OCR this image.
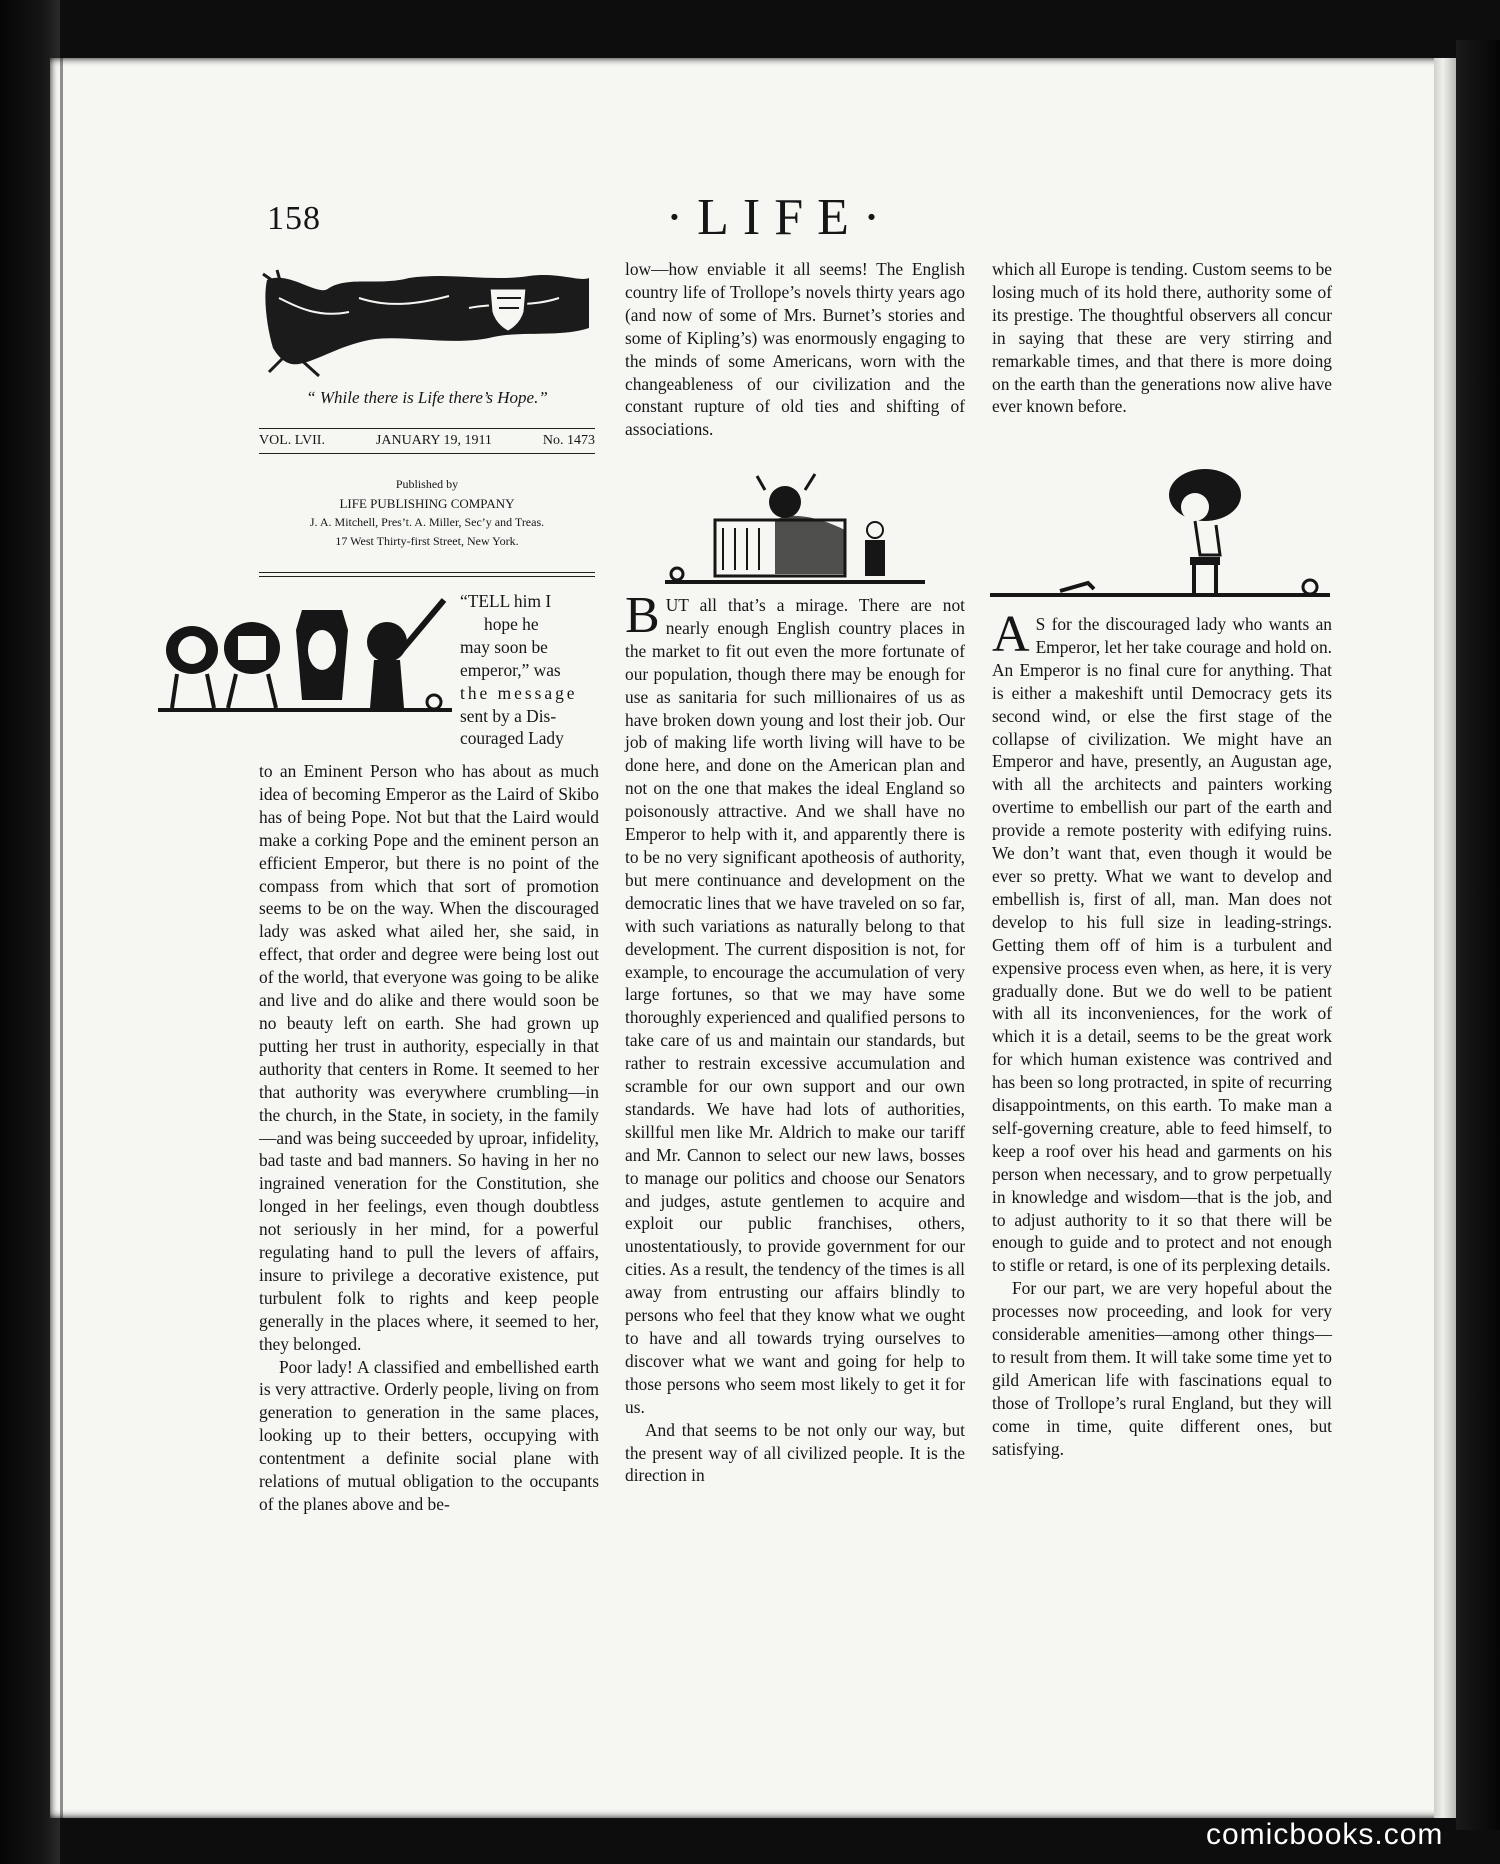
158	·LIFE·
“ While there is Life there’s Hope.”
VOL. LVII.	JANUARY 19, 1911	No. 1473
Published by
LIFE PUBLISHING COMPANY
J. A. Mitchell, Pres’t. A. Miller, Sec’y and Treas.
17 West Thirty-first Street, New York.
“TELL him I
hope he
may soon be
emperor,” was
the message
sent by a Dis-
couraged Lady

to an Eminent Person who has about as much idea of becoming Emperor as the Laird of Skibo has of being Pope. Not but that the Laird would make a corking Pope and the eminent person an efficient Emperor, but there is no point of the compass from which that sort of promotion seems to be on the way. When the discouraged lady was asked what ailed her, she said, in effect, that order and degree were being lost out of the world, that everyone was going to be alike and live and do alike and there would soon be no beauty left on earth. She had grown up putting her trust in authority, especially in that authority that centers in Rome. It seemed to her that authority was everywhere crumbling—in the church, in the State, in society, in the family—and was being succeeded by uproar, infidelity, bad taste and bad manners. So having in her no ingrained veneration for the Constitution, she longed in her feelings, even though doubtless not seriously in her mind, for a powerful regulating hand to pull the levers of affairs, insure to privilege a decorative existence, put turbulent folk to rights and keep people generally in the places where, it seemed to her, they belonged.

Poor lady! A classified and embellished earth is very attractive. Orderly people, living on from generation to generation in the same places, looking up to their betters, occupying with contentment a definite social plane with relations of mutual obligation to the occupants of the planes above and be-

low—how enviable it all seems! The English country life of Trollope’s novels thirty years ago (and now of some of Mrs. Burnet’s stories and some of Kipling’s) was enormously engaging to the minds of some Americans, worn with the changeableness of our civilization and the constant rupture of old ties and shifting of associations.

BUT all that’s a mirage. There are not nearly enough English country places in the market to fit out even the more fortunate of our population, though there may be enough for use as sanitaria for such millionaires of us as have broken down young and lost their job. Our job of making life worth living will have to be done here, and done on the American plan and not on the one that makes the ideal England so poisonously attractive. And we shall have no Emperor to help with it, and apparently there is to be no very significant apotheosis of authority, but mere continuance and development on the democratic lines that we have traveled on so far, with such variations as naturally belong to that development. The current disposition is not, for example, to encourage the accumulation of very large fortunes, so that we may have some thoroughly experienced and qualified persons to take care of us and maintain our standards, but rather to restrain excessive accumulation and scramble for our own support and our own standards. We have had lots of authorities, skillful men like Mr. Aldrich to make our tariff and Mr. Cannon to select our new laws, bosses to manage our politics and choose our Senators and judges, astute gentlemen to acquire and exploit our public franchises, others, unostentatiously, to provide government for our cities. As a result, the tendency of the times is all away from entrusting our affairs blindly to persons who feel that they know what we ought to have and all towards trying ourselves to discover what we want and going for help to those persons who seem most likely to get it for us.

And that seems to be not only our way, but the present way of all civilized people. It is the direction in

which all Europe is tending. Custom seems to be losing much of its hold there, authority some of its prestige. The thoughtful observers all concur in saying that these are very stirring and remarkable times, and that there is more doing on the earth than the generations now alive have ever known before.

A S for the discouraged lady who wants an Emperor, let her take courage and hold on. An Emperor is no final cure for anything. That is either a makeshift until Democracy gets its second wind, or else the first stage of the collapse of civilization. We might have an Emperor and have, presently, an Augustan age, with all the architects and painters working overtime to embellish our part of the earth and provide a remote posterity with edifying ruins. We don’t want that, even though it would be ever so pretty. What we want to develop and embellish is, first of all, man. Man does not develop to his full size in leading-strings. Getting them off of him is a turbulent and expensive process even when, as here, it is very gradually done. But we do well to be patient with all its inconveniences, for the work of which it is a detail, seems to be the great work for which human existence was contrived and has been so long protracted, in spite of recurring disappointments, on this earth. To make man a self-governing creature, able to feed himself, to keep a roof over his head and garments on his person when necessary, and to grow perpetually in knowledge and wisdom—that is the job, and to adjust authority to it so that there will be enough to guide and to protect and not enough to stifle or retard, is one of its perplexing details.

For our part, we are very hopeful about the processes now proceeding, and look for very considerable amenities—among other things—to result from them. It will take some time yet to gild American life with fascinations equal to those of Trollope’s rural England, but they will come in time, quite different ones, but satisfying.

comicbooks.com
